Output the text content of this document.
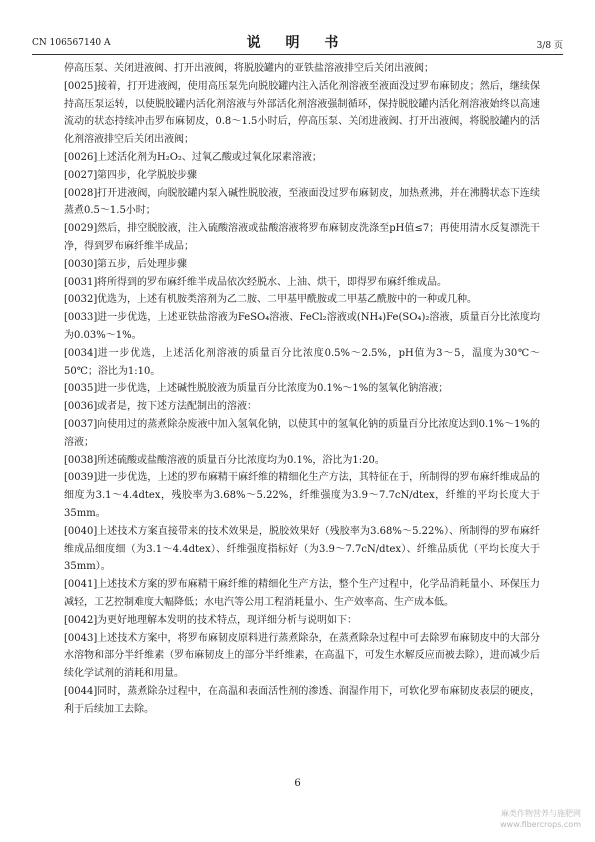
CN 106567140 A	说 明 书	3/8 页

停高压泵、关闭进液阀、打开出液阀，将脱胶罐内的亚铁盐溶液排空后关闭出液阀；

[0025]接着，打开进液阀，使用高压泵先向脱胶罐内注入活化剂溶液至液面没过罗布麻韧皮；然后，继续保持高压泵运转，以使脱胶罐内活化剂溶液与外部活化剂溶液强制循环，保持脱胶罐内活化剂溶液始终以高速流动的状态持续冲击罗布麻韧皮，0.8～1.5小时后，停高压泵、关闭进液阀、打开出液阀，将脱胶罐内的活化剂溶液排空后关闭出液阀；

[0026]上述活化剂为H₂O₂、过氧乙酸或过氧化尿素溶液；

[0027]第四步，化学脱胶步骤

[0028]打开进液阀，向脱胶罐内泵入碱性脱胶液，至液面没过罗布麻韧皮，加热煮沸，并在沸腾状态下连续蒸煮0.5～1.5小时；

[0029]然后，排空脱胶液，注入硫酸溶液或盐酸溶液将罗布麻韧皮洗涤至pH值≤7；再使用清水反复漂洗干净，得到罗布麻纤维半成品；

[0030]第五步，后处理步骤

[0031]将所得到的罗布麻纤维半成品依次经脱水、上油、烘干，即得罗布麻纤维成品。

[0032]优选为，上述有机胺类溶剂为乙二胺、二甲基甲酰胺或二甲基乙酰胺中的一种或几种。

[0033]进一步优选，上述亚铁盐溶液为FeSO₄溶液、FeCl₂溶液或(NH₄)Fe(SO₄)₂溶液，质量百分比浓度均为0.03%～1%。

[0034]进一步优选，上述活化剂溶液的质量百分比浓度0.5%～2.5%，pH值为3～5，温度为30℃～50℃；浴比为1:10。

[0035]进一步优选，上述碱性脱胶液为质量百分比浓度为0.1%～1%的氢氧化钠溶液；

[0036]或者是，按下述方法配制出的溶液：

[0037]向使用过的蒸煮除杂废液中加入氢氧化钠，以使其中的氢氧化钠的质量百分比浓度达到0.1%～1%的溶液；

[0038]所述硫酸或盐酸溶液的质量百分比浓度均为0.1%，浴比为1:20。

[0039]进一步优选，上述的罗布麻精干麻纤维的精细化生产方法，其特征在于，所制得的罗布麻纤维成品的细度为3.1～4.4dtex，残胶率为3.68%～5.22%，纤维强度为3.9～7.7cN/dtex，纤维的平均长度大于35mm。

[0040]上述技术方案直接带来的技术效果是，脱胶效果好（残胶率为3.68%～5.22%）、所制得的罗布麻纤维成品细度细（为3.1～4.4dtex）、纤维强度指标好（为3.9～7.7cN/dtex）、纤维品质优（平均长度大于35mm）。

[0041]上述技术方案的罗布麻精干麻纤维的精细化生产方法，整个生产过程中，化学品消耗量小、环保压力减轻，工艺控制难度大幅降低；水电汽等公用工程消耗量小、生产效率高、生产成本低。

[0042]为更好地理解本发明的技术特点，现详细分析与说明如下：

[0043]上述技术方案中，将罗布麻韧皮原料进行蒸煮除杂，在蒸煮除杂过程中可去除罗布麻韧皮中的大部分水溶物和部分半纤维素（罗布麻韧皮上的部分半纤维素，在高温下，可发生水解反应而被去除），进而减少后续化学试剂的消耗和用量。

[0044]同时，蒸煮除杂过程中，在高温和表面活性剂的渗透、润湿作用下，可软化罗布麻韧皮表层的硬皮，利于后续加工去除。

6
麻类作物营养与施肥网
www.fibercrops.com
